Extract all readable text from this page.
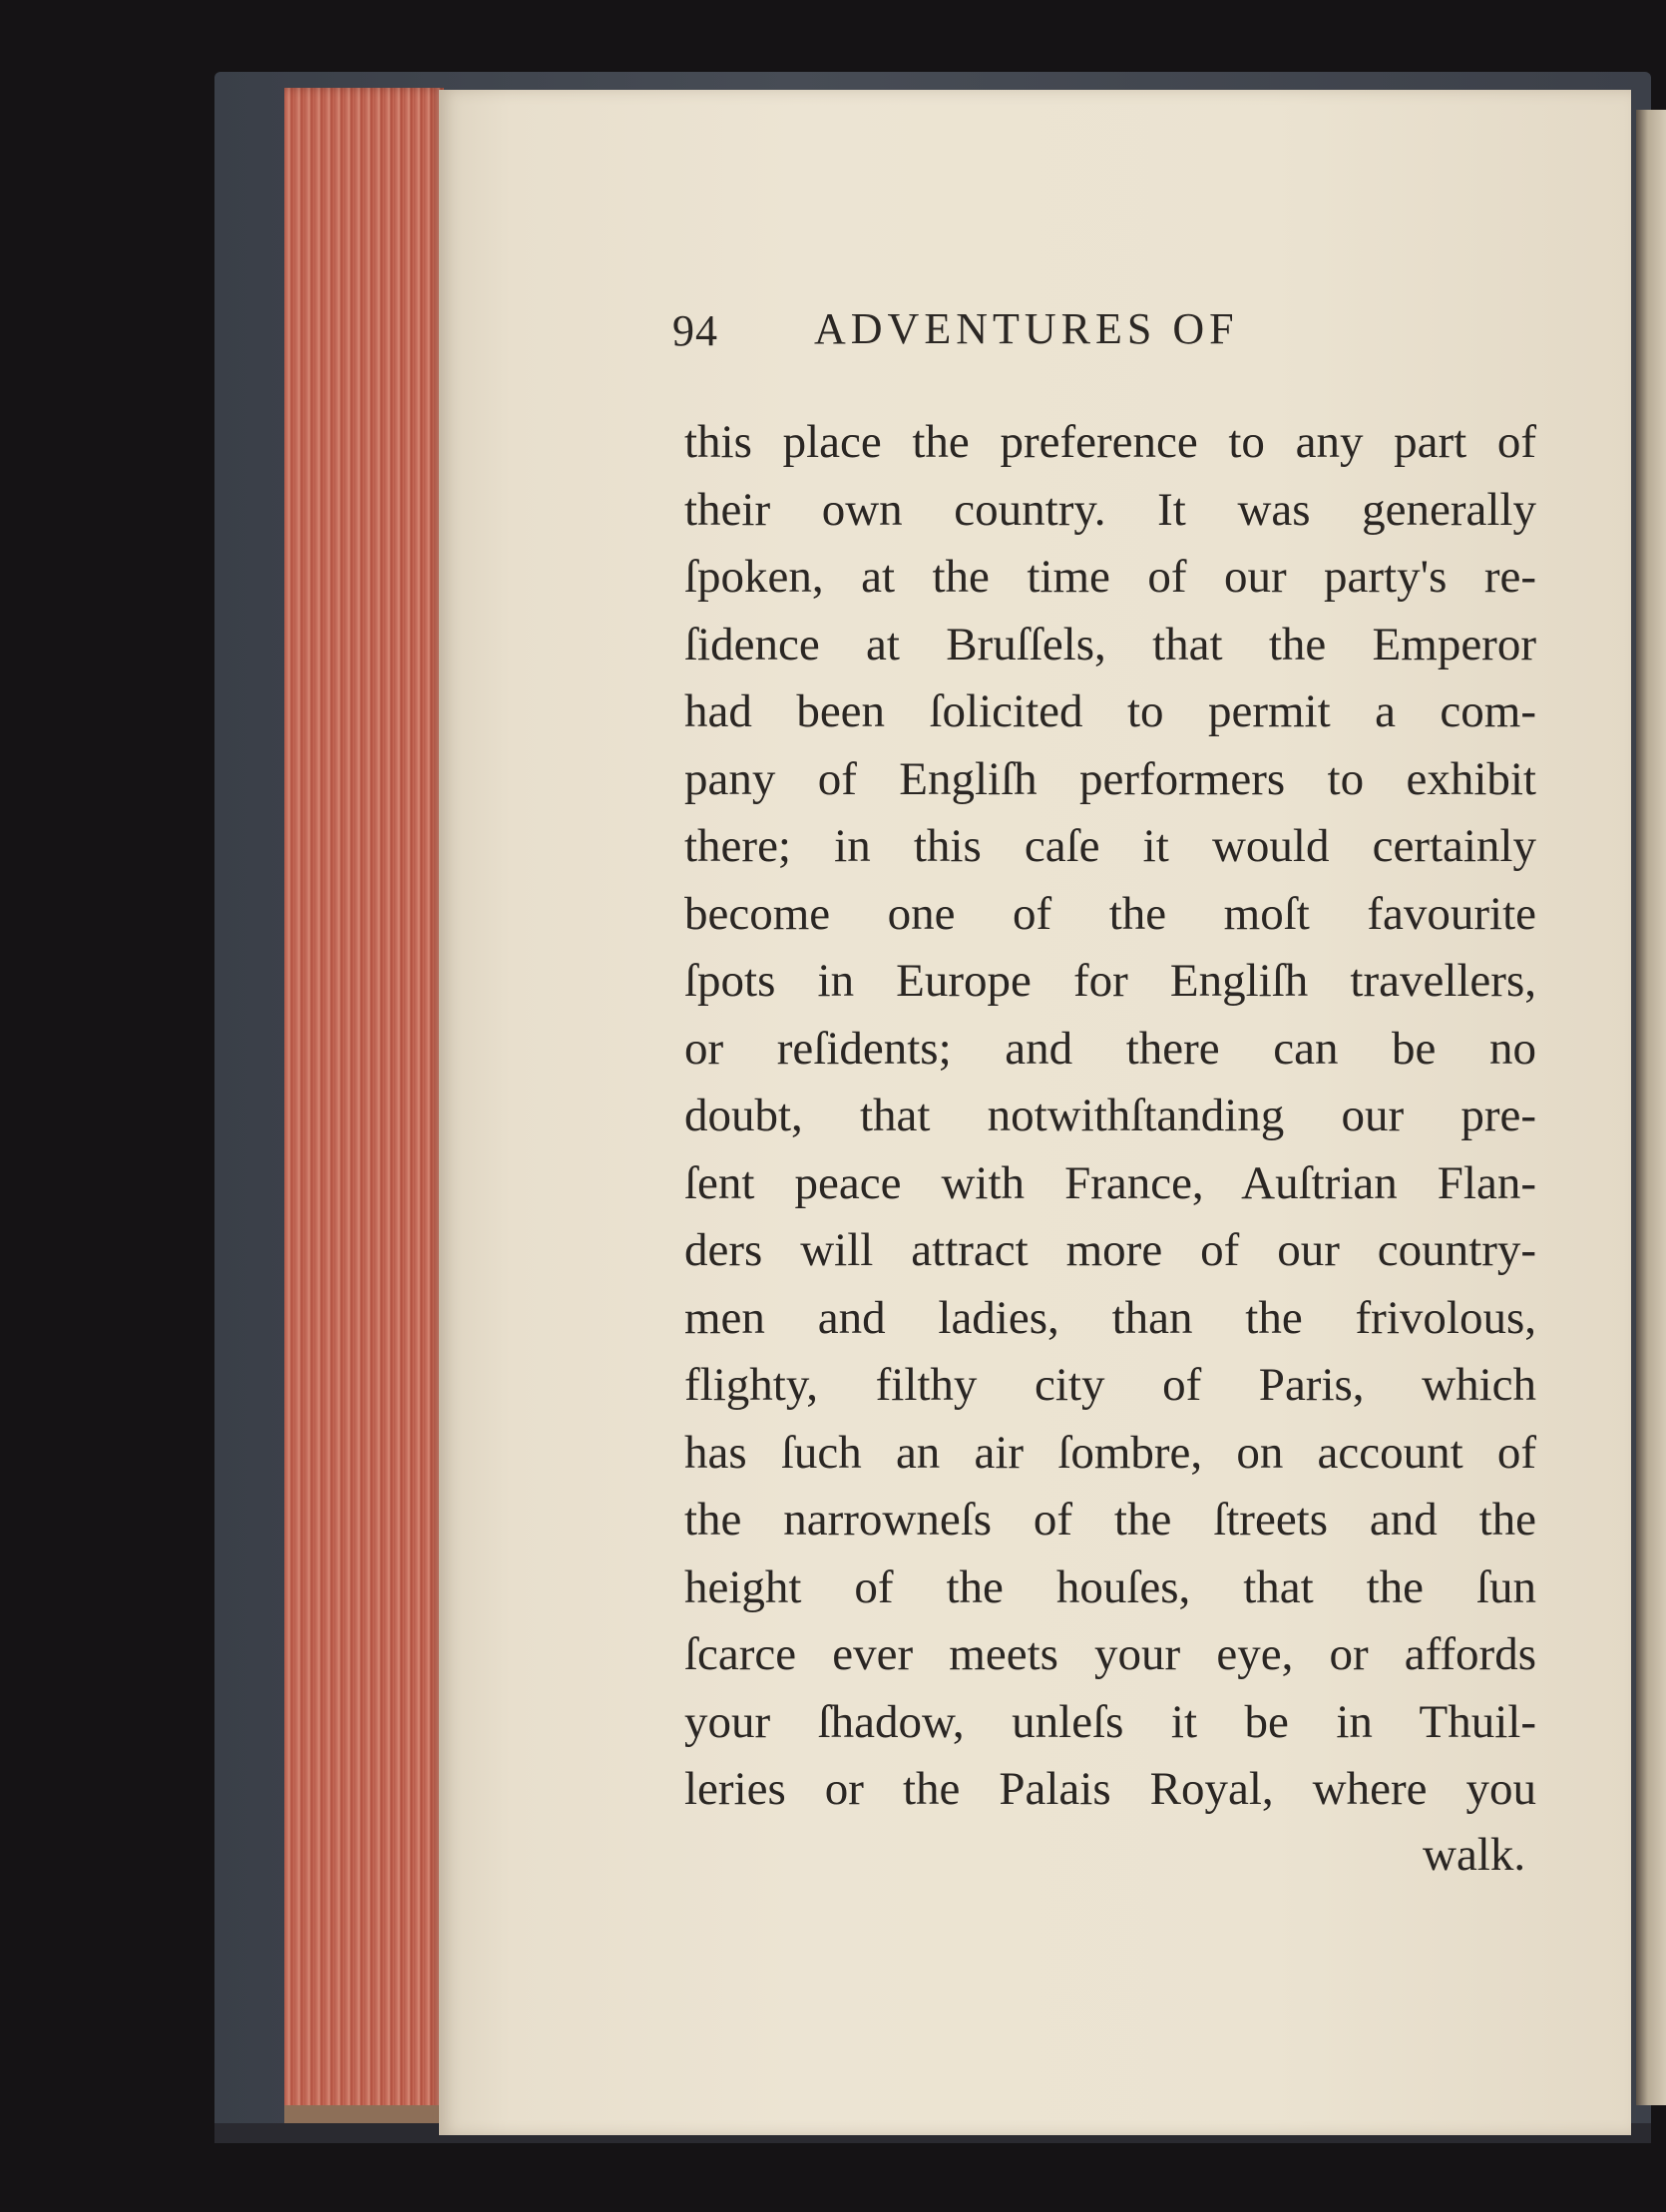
94 ADVENTURES OF
this place the preference to any part of
their own country. It was generally
ſpoken, at the time of our party's re-
ſidence at Bruſſels, that the Emperor
had been ſolicited to permit a com-
pany of Engliſh performers to exhibit
there; in this caſe it would certainly
become one of the moſt favourite
ſpots in Europe for Engliſh travellers,
or reſidents; and there can be no
doubt, that notwithſtanding our pre-
ſent peace with France, Auſtrian Flan-
ders will attract more of our country-
men and ladies, than the frivolous,
flighty, filthy city of Paris, which
has ſuch an air ſombre, on account of
the narrowneſs of the ſtreets and the
height of the houſes, that the ſun
ſcarce ever meets your eye, or affords
your ſhadow, unleſs it be in Thuil-
leries or the Palais Royal, where you
walk.
